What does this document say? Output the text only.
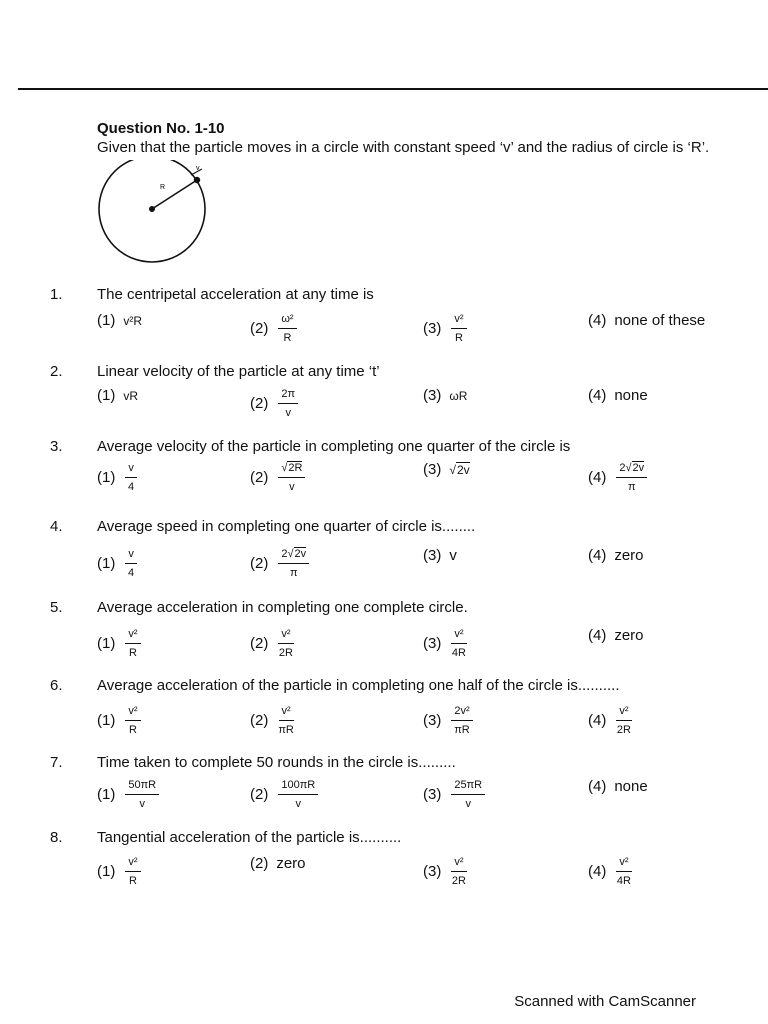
Question No. 1-10
Given that the particle moves in a circle with constant speed ‘v’ and the radius of circle is ‘R’.
R
v
1. The centripetal acceleration at any time is
(1) v²R	$(2) \frac{\text{ω²}}{R}$	$(3) \frac{\text{v²}}{R}$	(4) none of these
2. Linear velocity of the particle at any time ‘t’
(1) vR	$(2) \frac{2\pi}{v}$	(3) ωR	(4) none
3. Average velocity of the particle in completing one quarter of the circle is
$(1) \frac{v}{4}$	$(2) \frac{√2R}{v}$	(3) √2v	$(4) \frac{2√2v}{\pi}$
4. Average speed in completing one quarter of circle is........
$(1) \frac{v}{4}$	$(2) \frac{2√2v}{\pi}$	(3) v	(4) zero
5. Average acceleration in completing one complete circle.
$(1) \frac{\text{v²}}{R}$	$(2) \frac{\text{v²}}{2R}$	$(3) \frac{\text{v²}}{4R}$	(4) zero
6. Average acceleration of the particle in completing one half of the circle is..........
$(1) \frac{\text{v²}}{R}$	$(2) \frac{\text{v²}}{\pi R}$	$(3) \frac{\text{2v²}}{\pi R}$	$(4) \frac{\text{v²}}{2R}$
7. Time taken to complete 50 rounds in the circle is.........
$(1) \frac{50\pi R}{v}$	$(2) \frac{100\pi R}{v}$	$(3) \frac{25\pi R}{v}$	(4) none
8. Tangential acceleration of the particle is..........
$(1) \frac{\text{v²}}{R}$	(2) zero	$(3) \frac{\text{v²}}{2R}$	$(4) \frac{\text{v²}}{4R}$
Scanned with CamScanner
